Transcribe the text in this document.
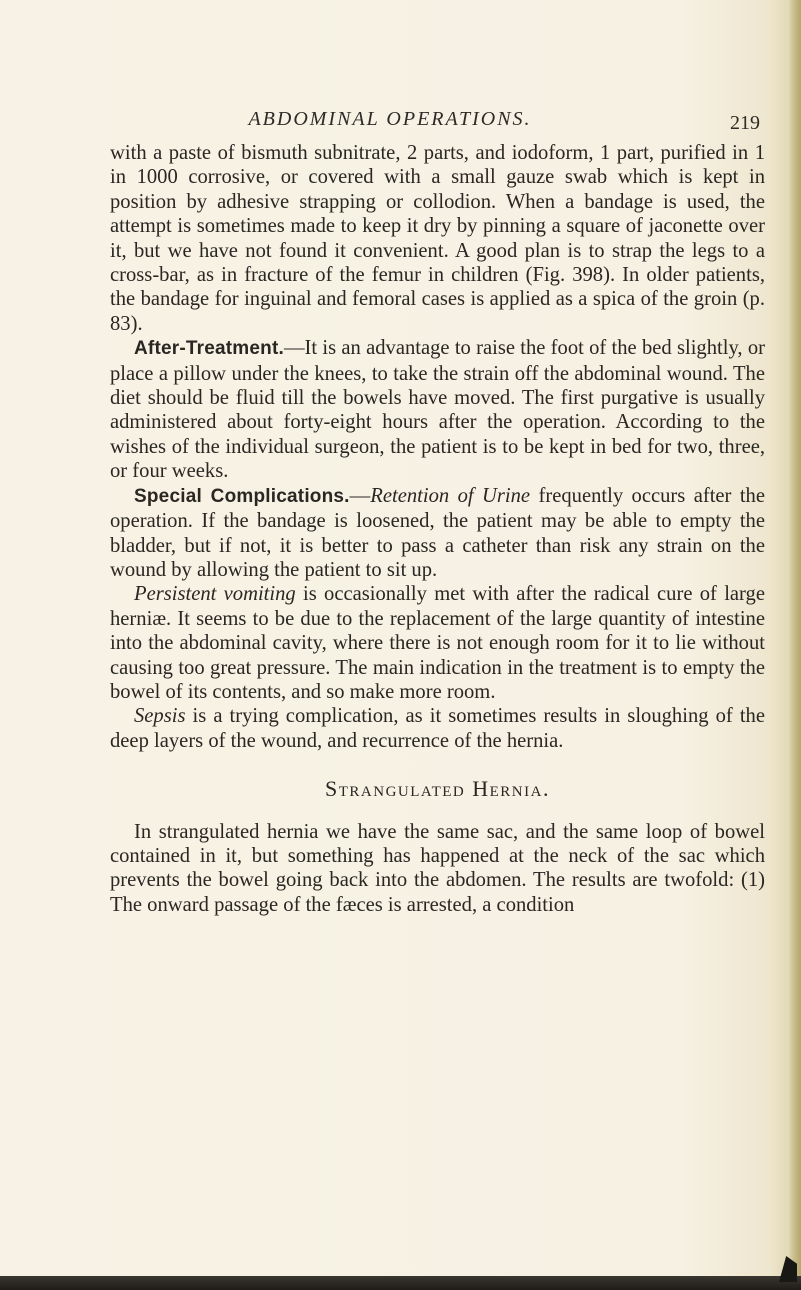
ABDOMINAL OPERATIONS.	219

with a paste of bismuth subnitrate, 2 parts, and iodoform, 1 part, purified in 1 in 1000 corrosive, or covered with a small gauze swab which is kept in position by adhesive strapping or collodion. When a bandage is used, the attempt is sometimes made to keep it dry by pinning a square of jaconette over it, but we have not found it convenient. A good plan is to strap the legs to a cross-bar, as in fracture of the femur in children (Fig. 398). In older patients, the bandage for inguinal and femoral cases is applied as a spica of the groin (p. 83).

After-Treatment.—It is an advantage to raise the foot of the bed slightly, or place a pillow under the knees, to take the strain off the abdominal wound. The diet should be fluid till the bowels have moved. The first purgative is usually administered about forty-eight hours after the operation. According to the wishes of the individual surgeon, the patient is to be kept in bed for two, three, or four weeks.

Special Complications.—Retention of Urine frequently occurs after the operation. If the bandage is loosened, the patient may be able to empty the bladder, but if not, it is better to pass a catheter than risk any strain on the wound by allowing the patient to sit up.

Persistent vomiting is occasionally met with after the radical cure of large herniæ. It seems to be due to the replacement of the large quantity of intestine into the abdominal cavity, where there is not enough room for it to lie without causing too great pressure. The main indication in the treatment is to empty the bowel of its contents, and so make more room.

Sepsis is a trying complication, as it sometimes results in sloughing of the deep layers of the wound, and recurrence of the hernia.

Strangulated Hernia.

In strangulated hernia we have the same sac, and the same loop of bowel contained in it, but something has happened at the neck of the sac which prevents the bowel going back into the abdomen. The results are twofold: (1) The onward passage of the fæces is arrested, a condition
